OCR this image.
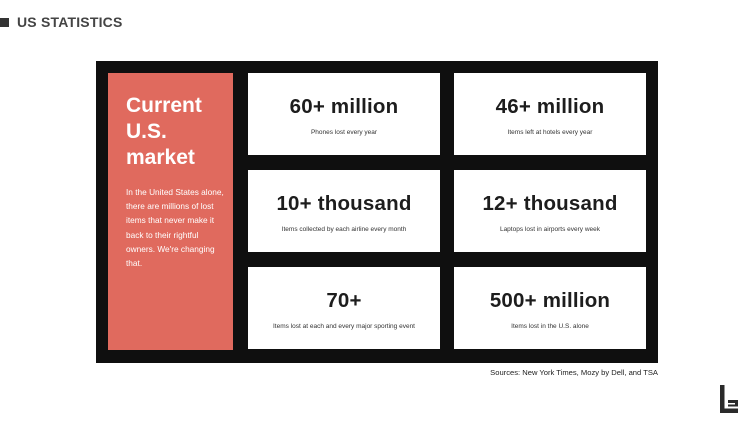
US STATISTICS
Current U.S. market
In the United States alone, there are millions of lost items that never make it back to their rightful owners. We're changing that.
60+ million
Phones lost every year
46+ million
Items left at hotels every year
10+ thousand
Items collected by each airline every month
12+ thousand
Laptops lost in airports every week
70+
Items lost at each and every major sporting event
500+ million
Items lost in the U.S. alone
Sources: New York Times, Mozy by Dell, and TSA
